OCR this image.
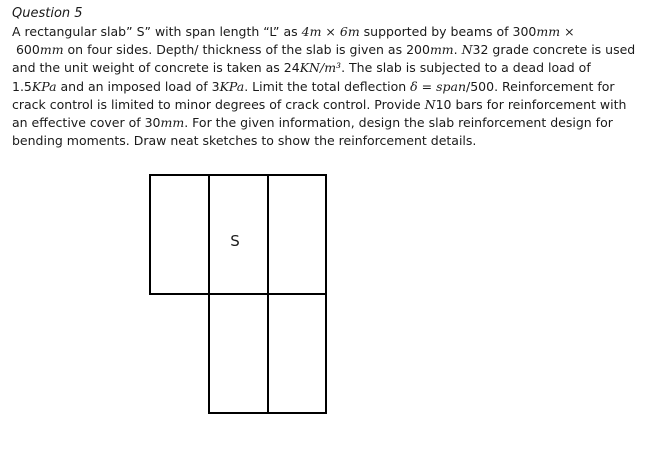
Question 5
A rectangular slab” S” with span length “L” as 4m × 6m supported by beams of 300mm ×
600mm on four sides. Depth/ thickness of the slab is given as 200mm. N32 grade concrete is used
and the unit weight of concrete is taken as 24KN/m³. The slab is subjected to a dead load of
1.5KPa and an imposed load of 3KPa. Limit the total deflection δ = span/500. Reinforcement for
crack control is limited to minor degrees of crack control. Provide N10 bars for reinforcement with
an effective cover of 30mm. For the given information, design the slab reinforcement design for
bending moments. Draw neat sketches to show the reinforcement details.
S
